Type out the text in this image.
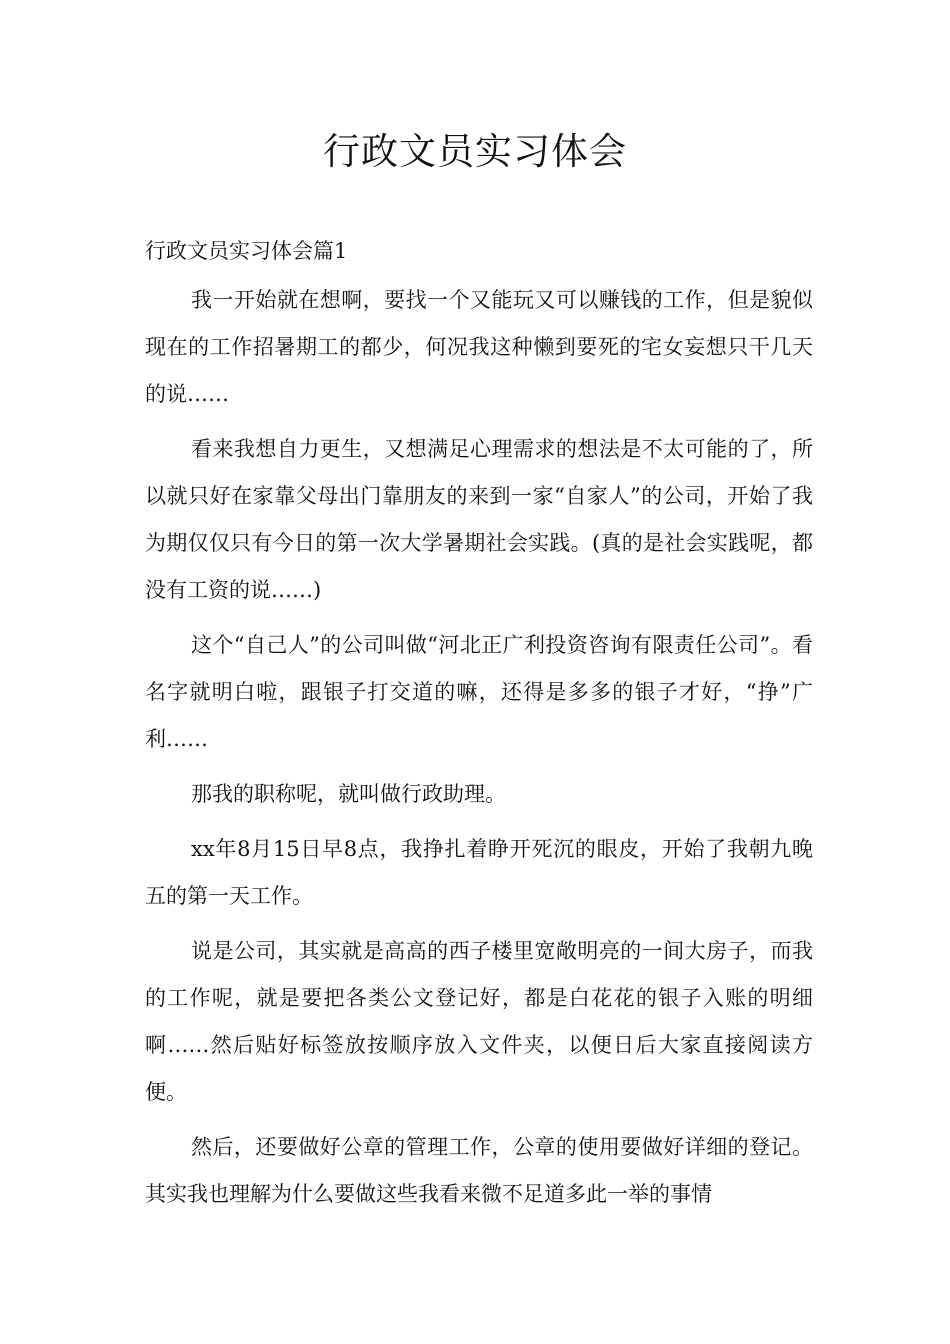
行政文员实习体会
行政文员实习体会篇1

我一开始就在想啊，要找一个又能玩又可以赚钱的工作，但是貌似现在的工作招暑期工的都少，何况我这种懒到要死的宅女妄想只干几天的说……

看来我想自力更生，又想满足心理需求的想法是不太可能的了，所以就只好在家靠父母出门靠朋友的来到一家“自家人”的公司，开始了我为期仅仅只有今日的第一次大学暑期社会实践。(真的是社会实践呢，都没有工资的说……)

这个“自己人”的公司叫做“河北正广利投资咨询有限责任公司”。看名字就明白啦，跟银子打交道的嘛，还得是多多的银子才好，“挣”广利……

那我的职称呢，就叫做行政助理。

xx年8月15日早8点，我挣扎着睁开死沉的眼皮，开始了我朝九晚五的第一天工作。

说是公司，其实就是高高的西子楼里宽敞明亮的一间大房子，而我的工作呢，就是要把各类公文登记好，都是白花花的银子入账的明细啊……然后贴好标签放按顺序放入文件夹，以便日后大家直接阅读方便。

然后，还要做好公章的管理工作，公章的使用要做好详细的登记。其实我也理解为什么要做这些我看来微不足道多此一举的事情
